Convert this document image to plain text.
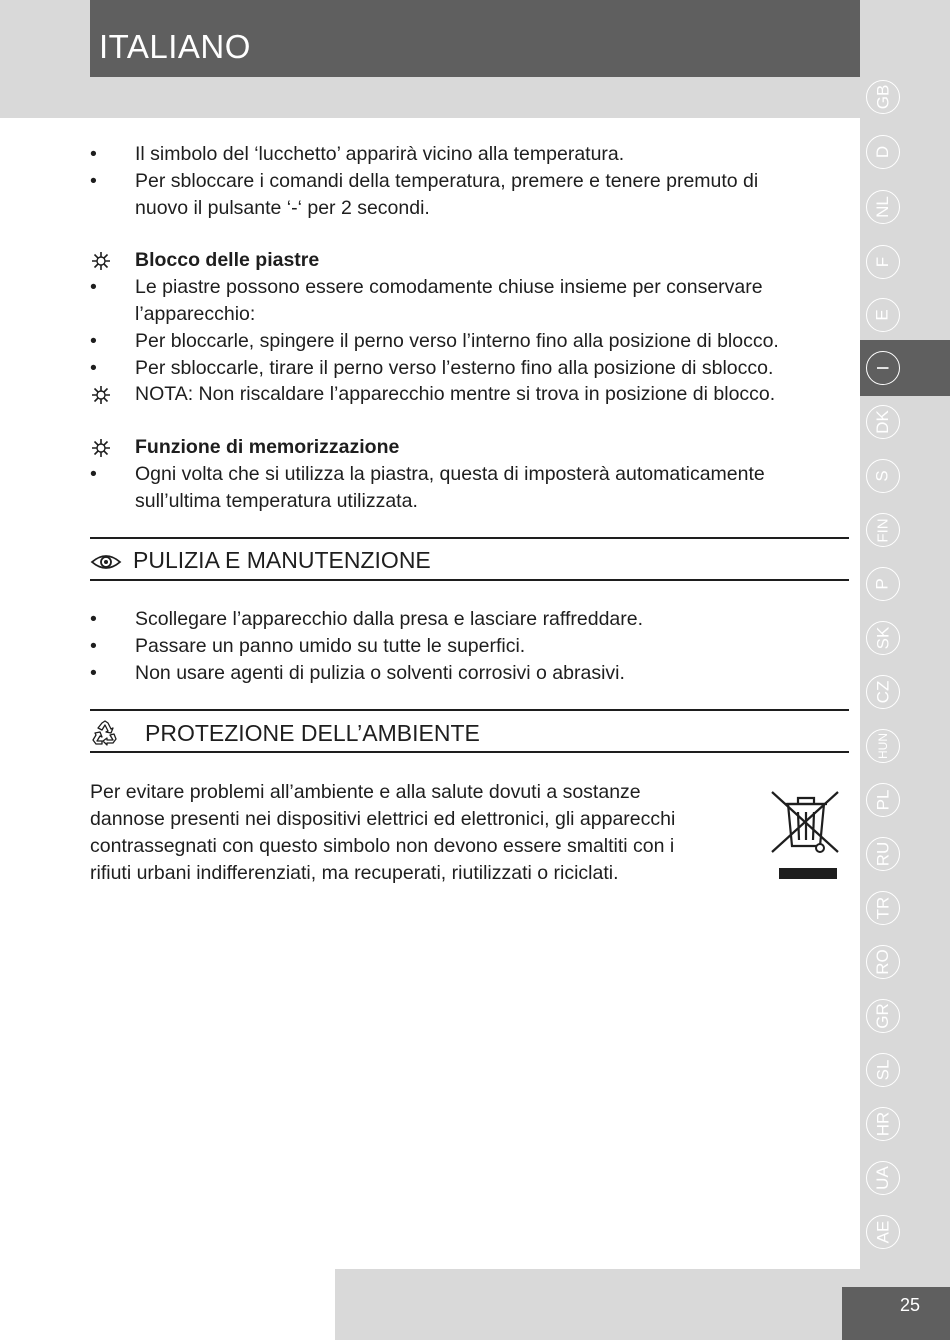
ITALIANO
GB
D
NL
F
E
I
DK
S
FIN
P
SK
CZ
HUN
PL
RU
TR
RO
GR
SL
HR
UA
AE
• Il simbolo del ‘lucchetto’ apparirà vicino alla temperatura.
• Per sbloccare i comandi della temperatura, premere e tenere premuto di
nuovo il pulsante ‘-‘ per 2 secondi.
Blocco delle piastre
• Le piastre possono essere comodamente chiuse insieme per conservare
l’apparecchio:
• Per bloccarle, spingere il perno verso l’interno fino alla posizione di blocco.
• Per sbloccarle, tirare il perno verso l’esterno fino alla posizione di sblocco.
NOTA: Non riscaldare l’apparecchio mentre si trova in posizione di blocco.
Funzione di memorizzazione
• Ogni volta che si utilizza la piastra, questa di imposterà automaticamente
sull’ultima temperatura utilizzata.
PULIZIA E MANUTENZIONE
• Scollegare l’apparecchio dalla presa e lasciare raffreddare.
• Passare un panno umido su tutte le superfici.
• Non usare agenti di pulizia o solventi corrosivi o abrasivi.
PROTEZIONE DELL’AMBIENTE
Per evitare problemi all’ambiente e alla salute dovuti a sostanze
dannose presenti nei dispositivi elettrici ed elettronici, gli apparecchi
contrassegnati con questo simbolo non devono essere smaltiti con i
rifiuti urbani indifferenziati, ma recuperati, riutilizzati o riciclati.
25
